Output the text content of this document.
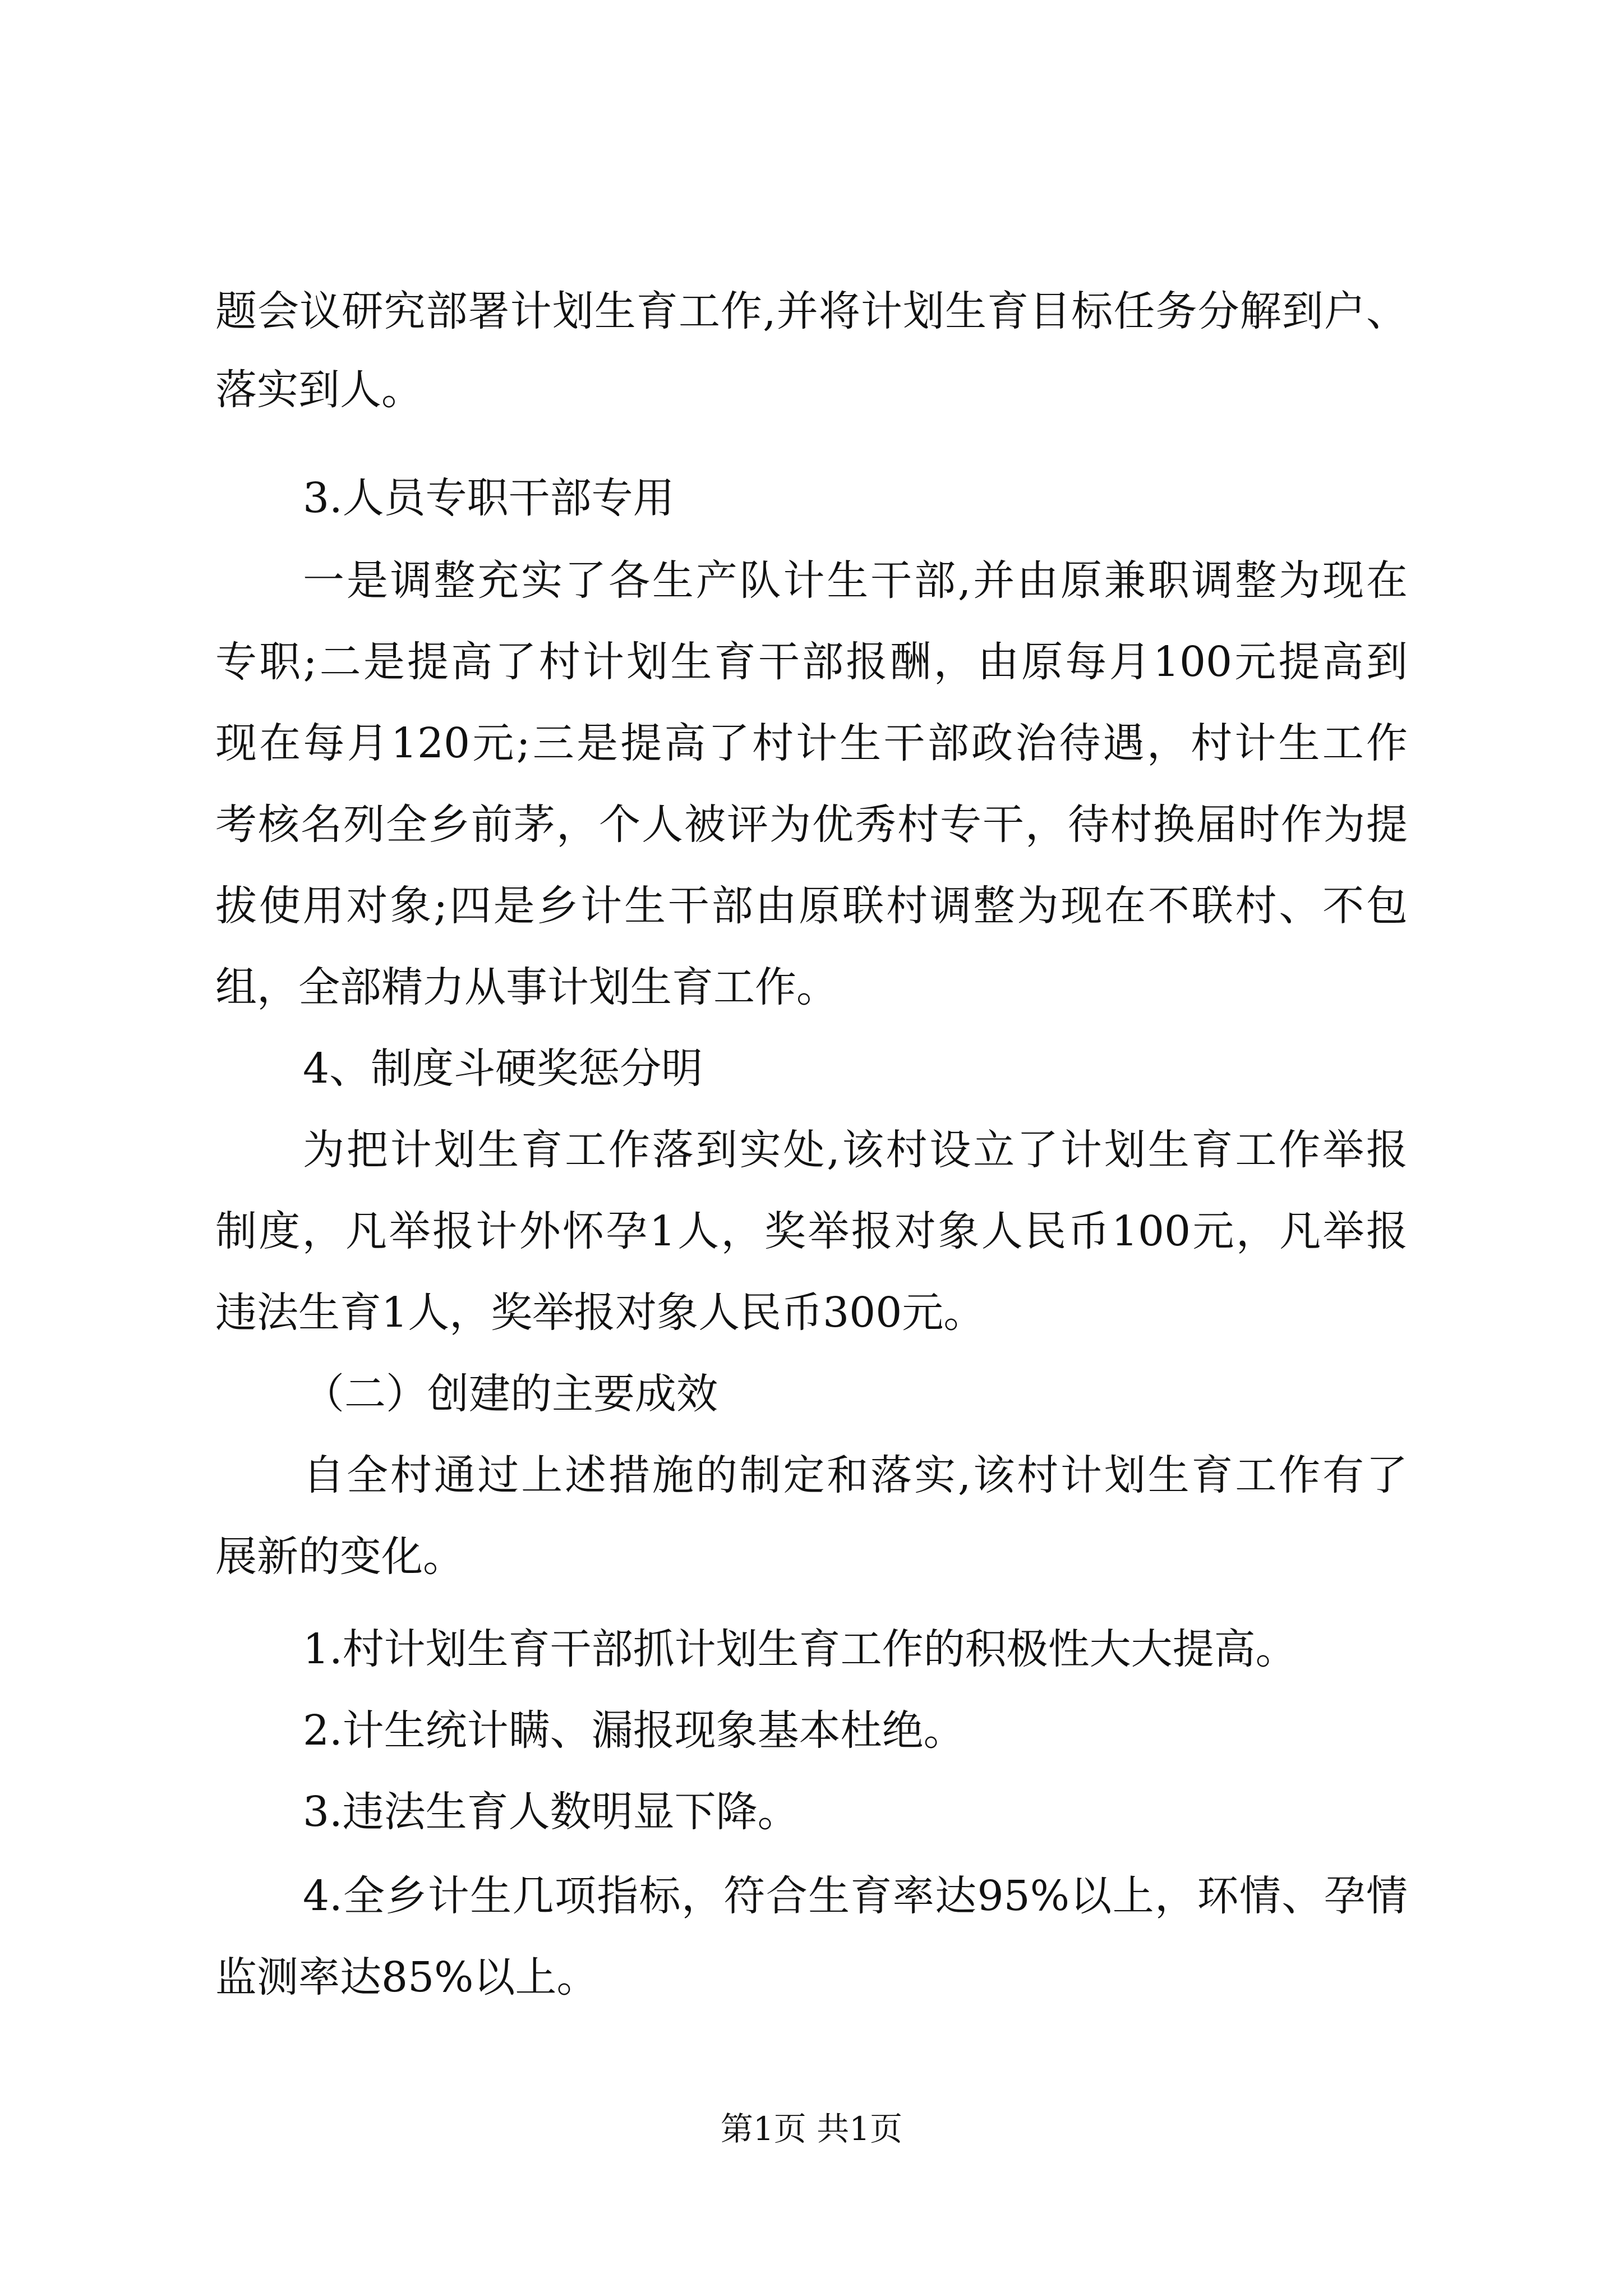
题会议研究部署计划生育工作,并将计划生育目标任务分解到户、
落实到人。
3.人员专职干部专用
一是调整充实了各生产队计生干部,并由原兼职调整为现在
专职;二是提高了村计划生育干部报酬，由原每月100元提高到
现在每月120元;三是提高了村计生干部政治待遇，村计生工作
考核名列全乡前茅，个人被评为优秀村专干，待村换届时作为提
拔使用对象;四是乡计生干部由原联村调整为现在不联村、不包
组，全部精力从事计划生育工作。
4、制度斗硬奖惩分明
为把计划生育工作落到实处,该村设立了计划生育工作举报
制度，凡举报计外怀孕1人，奖举报对象人民币100元，凡举报
违法生育1人，奖举报对象人民币300元。
（二）创建的主要成效
自全村通过上述措施的制定和落实,该村计划生育工作有了
展新的变化。
1.村计划生育干部抓计划生育工作的积极性大大提高。
2.计生统计瞒、漏报现象基本杜绝。
3.违法生育人数明显下降。
4.全乡计生几项指标，符合生育率达95%以上，环情、孕情
监测率达85%以上。
第1页 共1页
